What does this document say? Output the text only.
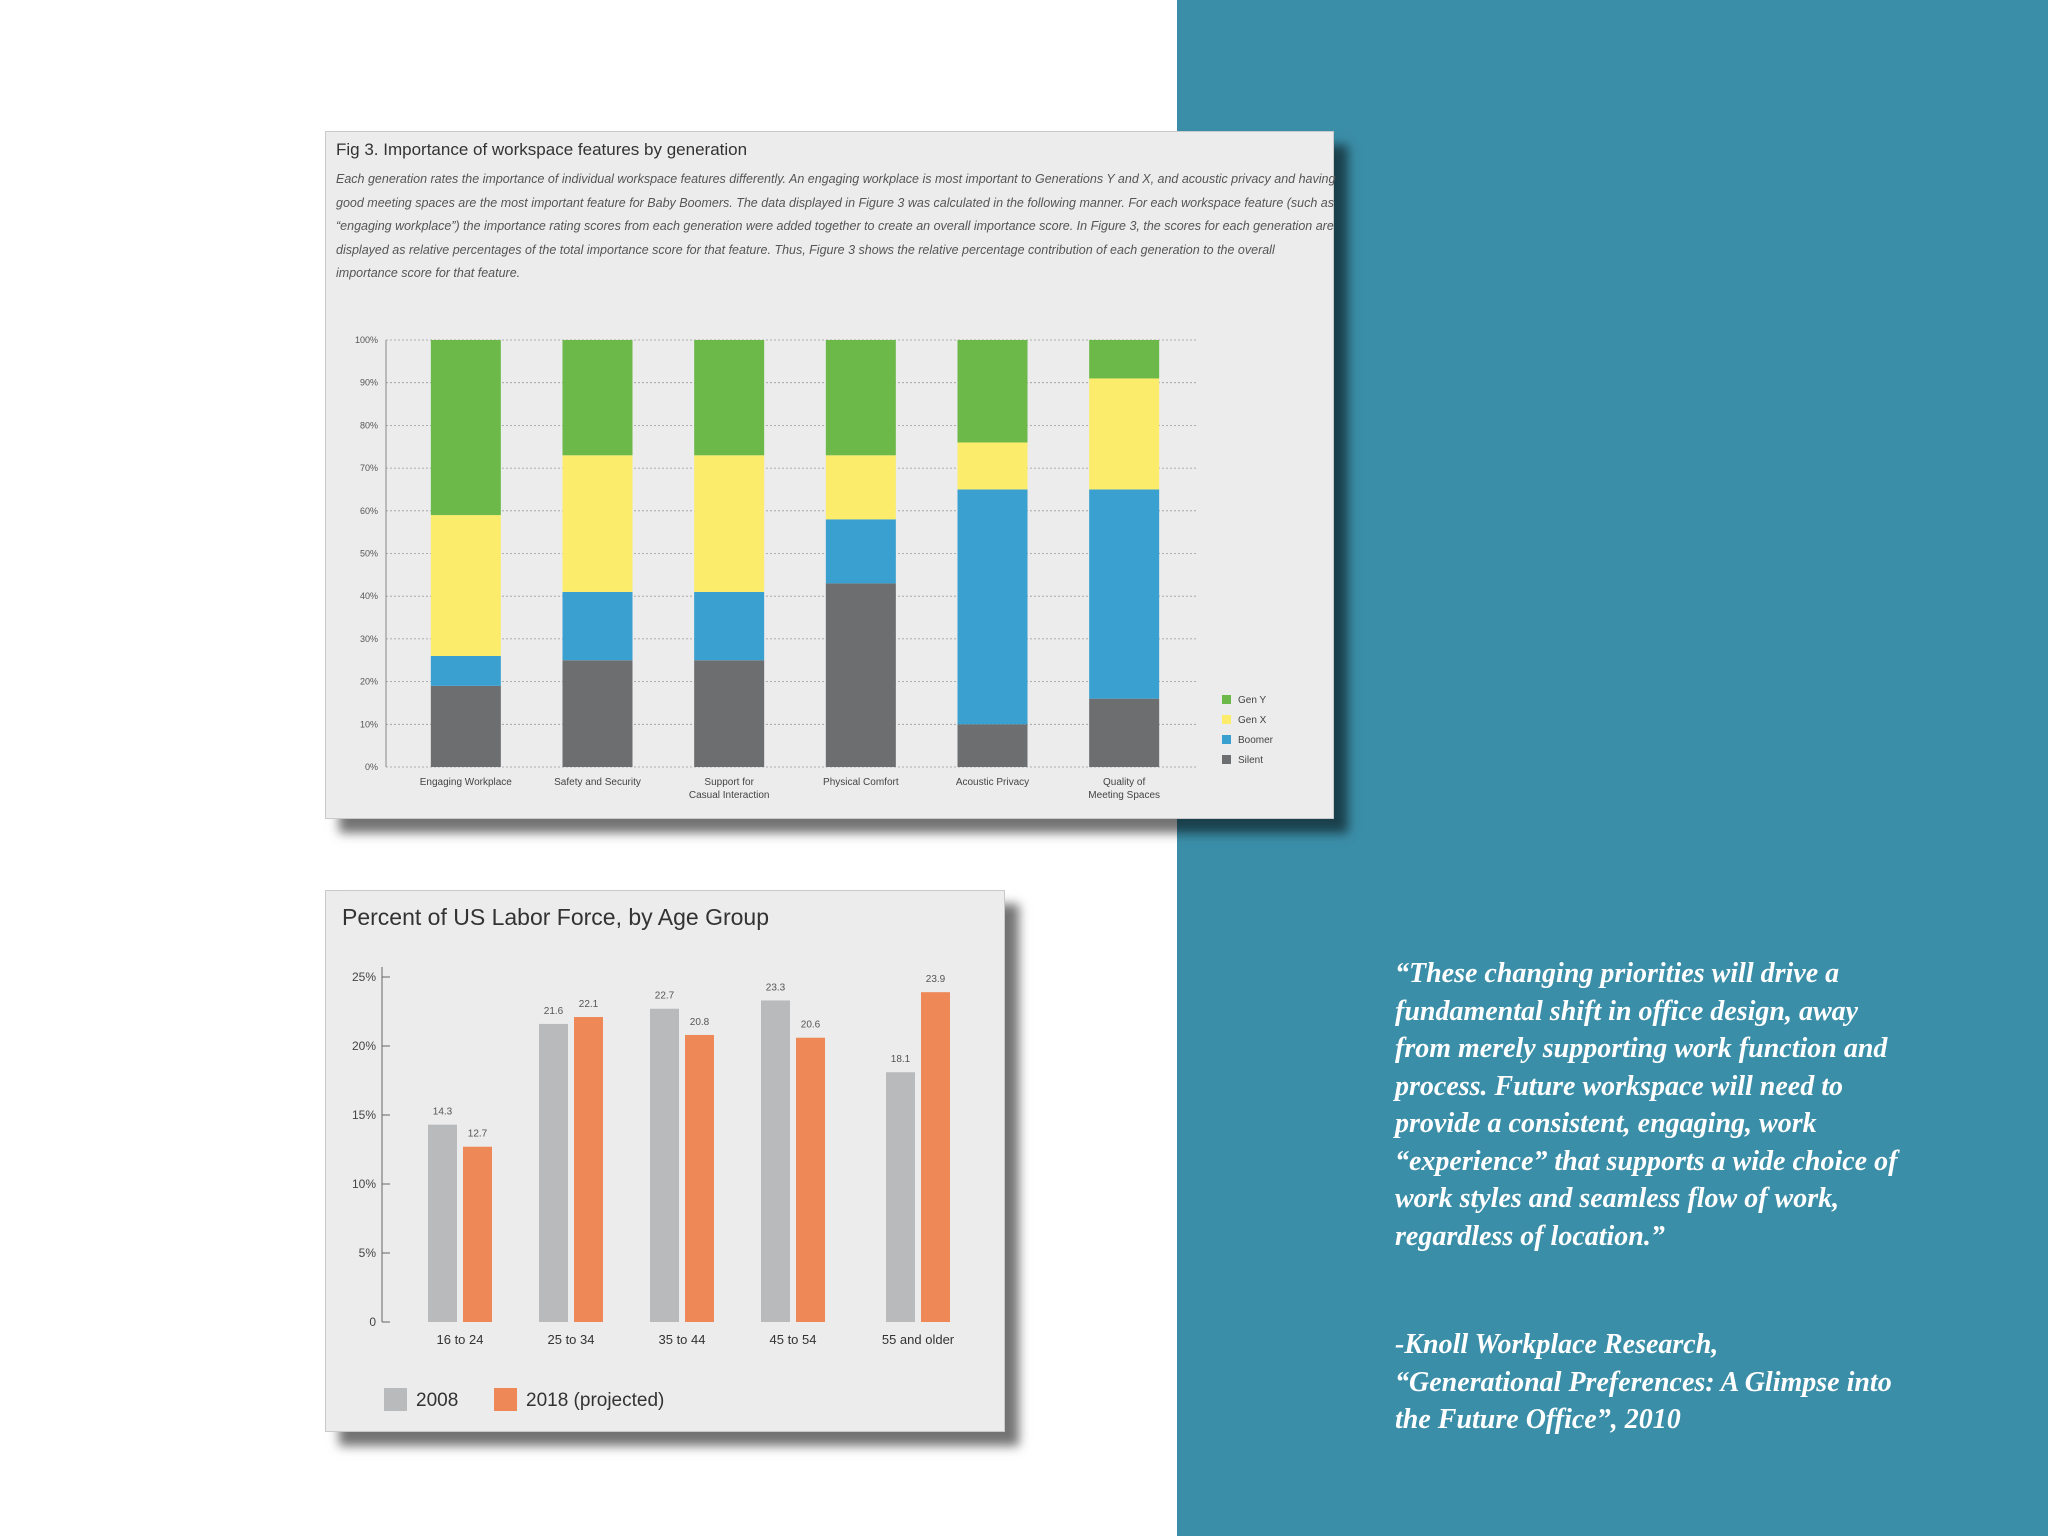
Fig 3. Importance of workspace features by generation
Each generation rates the importance of individual workspace features differently. An engaging workplace is most important to Generations Y and X, and acoustic privacy and having good meeting spaces are the most important feature for Baby Boomers. The data displayed in Figure 3 was calculated in the following manner. For each workspace feature (such as “engaging workplace”) the importance rating scores from each generation were added together to create an overall importance score. In Figure 3, the scores for each generation are displayed as relative percentages of the total importance score for that feature. Thus, Figure 3 shows the relative percentage contribution of each generation to the overall importance score for that feature.
0%
10%
20%
30%
40%
50%
60%
70%
80%
90%
100%
Engaging Workplace	Safety and Security	Support for
Casual Interaction
Physical Comfort	Acoustic Privacy	Quality of
Meeting Spaces
Gen Y
Gen X
Boomer
Silent
Percent of US Labor Force, by Age Group
0
5%
10%
15%
20%
25%
14.3
12.7
16 to 24
21.6
22.1
25 to 34
22.7
20.8
35 to 44
23.3
20.6
45 to 54
18.1
23.9
55 and older
2008	2018 (projected)
“These changing priorities will drive a fundamental shift in office design, away from merely supporting work function and process. Future workspace will need to provide a consistent, engaging, work “experience” that supports a wide choice of work styles and seamless flow of work, regardless of location.”
-Knoll Workplace Research,
“Generational Preferences: A Glimpse into the Future Office”, 2010
